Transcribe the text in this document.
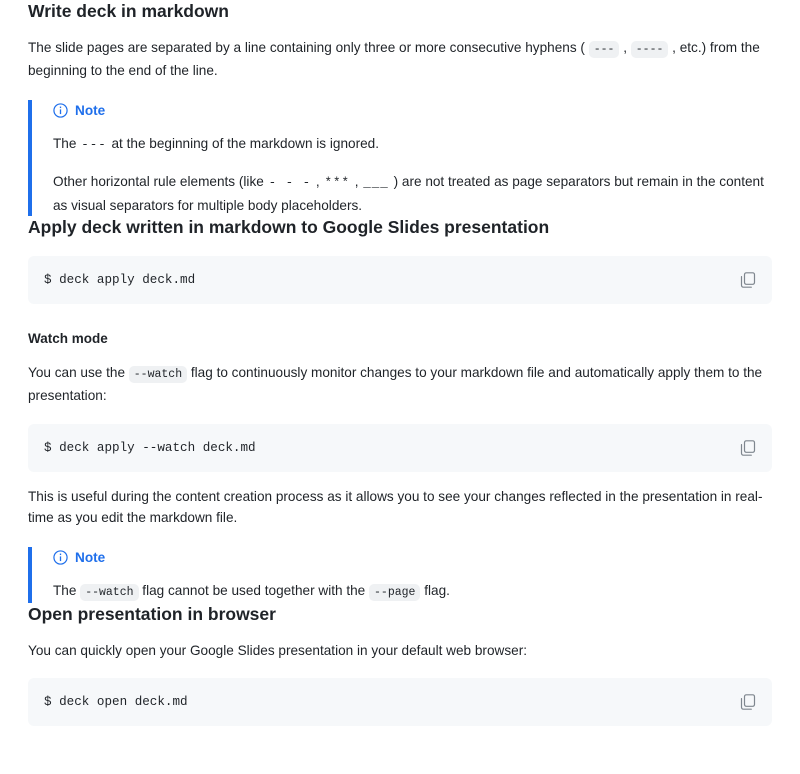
Write deck in markdown

The slide pages are separated by a line containing only three or more consecutive hyphens ( --- , ---- , etc.) from the beginning to the end of the line.

Note

The --- at the beginning of the markdown is ignored.

Other horizontal rule elements (like - - - , *** , ___ ) are not treated as page separators but remain in the content as visual separators for multiple body placeholders.

Apply deck written in markdown to Google Slides presentation
$ deck apply deck.md
Watch mode

You can use the --watch flag to continuously monitor changes to your markdown file and automatically apply them to the presentation:

$ deck apply --watch deck.md

This is useful during the content creation process as it allows you to see your changes reflected in the presentation in real-time as you edit the markdown file.

Note

The --watch flag cannot be used together with the --page flag.

Open presentation in browser

You can quickly open your Google Slides presentation in your default web browser:

$ deck open deck.md
